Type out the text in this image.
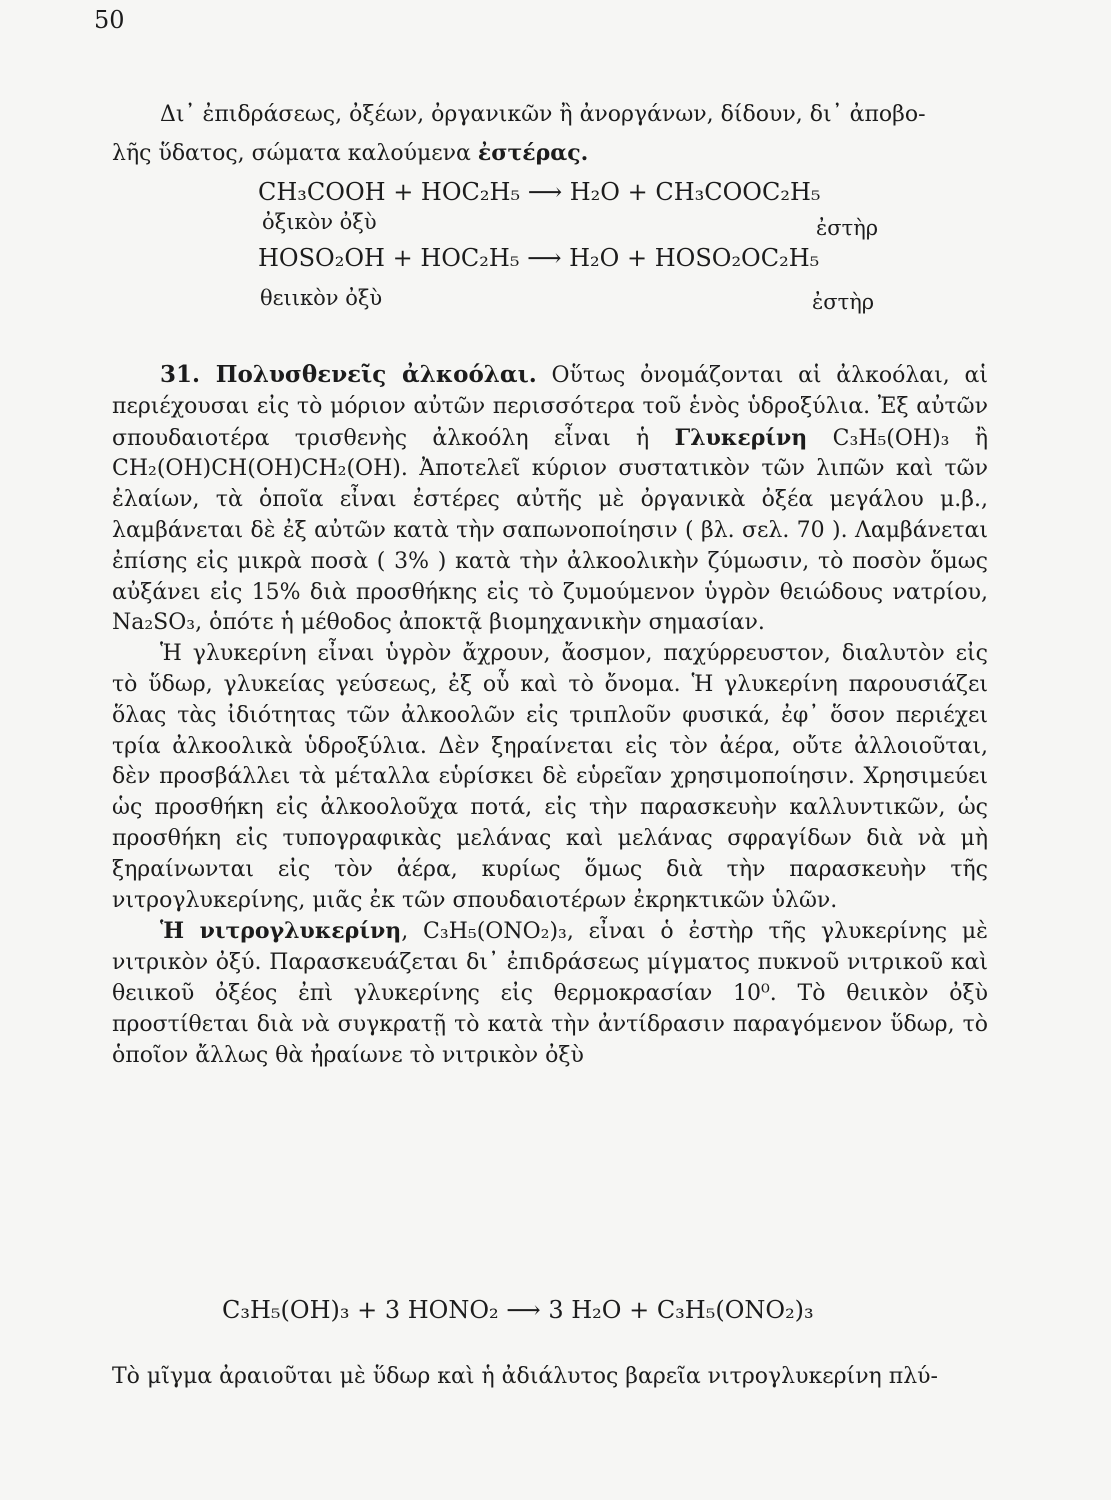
50
Δι᾿ ἐπιδράσεως, ὀξέων, ὀργανικῶν ἢ ἀνοργάνων, δίδουν, δι᾿ ἀποβο-
λῆς ὕδατος, σώματα καλούμενα ἐστέρας.
CH₃COOH + HOC₂H₅ ⟶ H₂O + CH₃COOC₂H₅
ὀξικὸν ὀξὺ	ἐστὴρ
HOSO₂OH + HOC₂H₅ ⟶ H₂O + HOSO₂OC₂H₅
θειικὸν ὀξὺ	ἐστὴρ

31. Πολυσθενεῖς ἀλκοόλαι. Οὕτως ὀνομάζονται αἱ ἀλκοόλαι, αἱ περιέχουσαι εἰς τὸ μόριον αὐτῶν περισσότερα τοῦ ἑνὸς ὑδροξύλια. Ἐξ αὐτῶν σπουδαιοτέρα τρισθενὴς ἀλκοόλη εἶναι ἡ Γλυκερίνη C₃H₅(OH)₃ ἢ CH₂(OH)CH(OH)CH₂(OH). Ἀποτελεῖ κύριον συστατικὸν τῶν λιπῶν καὶ τῶν ἐλαίων, τὰ ὁποῖα εἶναι ἐστέρες αὐτῆς μὲ ὀργανικὰ ὀξέα μεγάλου μ.β., λαμβάνεται δὲ ἐξ αὐτῶν κατὰ τὴν σαπωνοποίησιν ( βλ. σελ. 70 ). Λαμβάνεται ἐπίσης εἰς μικρὰ ποσὰ ( 3% ) κατὰ τὴν ἀλκοολικὴν ζύμωσιν, τὸ ποσὸν ὅμως αὐξάνει εἰς 15% διὰ προσθήκης εἰς τὸ ζυμούμενον ὑγρὸν θειώδους νατρίου, Na₂SO₃, ὁπότε ἡ μέθοδος ἀποκτᾷ βιομηχανικὴν σημασίαν.

Ἡ γλυκερίνη εἶναι ὑγρὸν ἄχρουν, ἄοσμον, παχύρρευστον, διαλυτὸν εἰς τὸ ὕδωρ, γλυκείας γεύσεως, ἐξ οὗ καὶ τὸ ὄνομα. Ἡ γλυκερίνη παρουσιάζει ὅλας τὰς ἰδιότητας τῶν ἀλκοολῶν εἰς τριπλοῦν φυσικά, ἐφ᾿ ὅσον περιέχει τρία ἀλκοολικὰ ὑδροξύλια. Δὲν ξηραίνεται εἰς τὸν ἀέρα, οὔτε ἀλλοιοῦται, δὲν προσβάλλει τὰ μέταλλα εὑρίσκει δὲ εὑρεῖαν χρησιμοποίησιν. Χρησιμεύει ὡς προσθήκη εἰς ἀλκοολοῦχα ποτά, εἰς τὴν παρασκευὴν καλλυντικῶν, ὡς προσθήκη εἰς τυπογραφικὰς μελάνας καὶ μελάνας σφραγίδων διὰ νὰ μὴ ξηραίνωνται εἰς τὸν ἀέρα, κυρίως ὅμως διὰ τὴν παρασκευὴν τῆς νιτρογλυκερίνης, μιᾶς ἐκ τῶν σπουδαιοτέρων ἐκρηκτικῶν ὑλῶν.

Ἡ νιτρογλυκερίνη, C₃H₅(ONO₂)₃, εἶναι ὁ ἐστὴρ τῆς γλυκερίνης μὲ νιτρικὸν ὀξύ. Παρασκευάζεται δι᾿ ἐπιδράσεως μίγματος πυκνοῦ νιτρικοῦ καὶ θειικοῦ ὀξέος ἐπὶ γλυκερίνης εἰς θερμοκρασίαν 10⁰. Τὸ θειικὸν ὀξὺ προστίθεται διὰ νὰ συγκρατῇ τὸ κατὰ τὴν ἀντίδρασιν παραγόμενον ὕδωρ, τὸ ὁποῖον ἄλλως θὰ ἠραίωνε τὸ νιτρικὸν ὀξὺ

C₃H₅(OH)₃ + 3 HONO₂ ⟶ 3 H₂O + C₃H₅(ONO₂)₃
Τὸ μῖγμα ἀραιοῦται μὲ ὕδωρ καὶ ἡ ἀδιάλυτος βαρεῖα νιτρογλυκερίνη πλύ-
